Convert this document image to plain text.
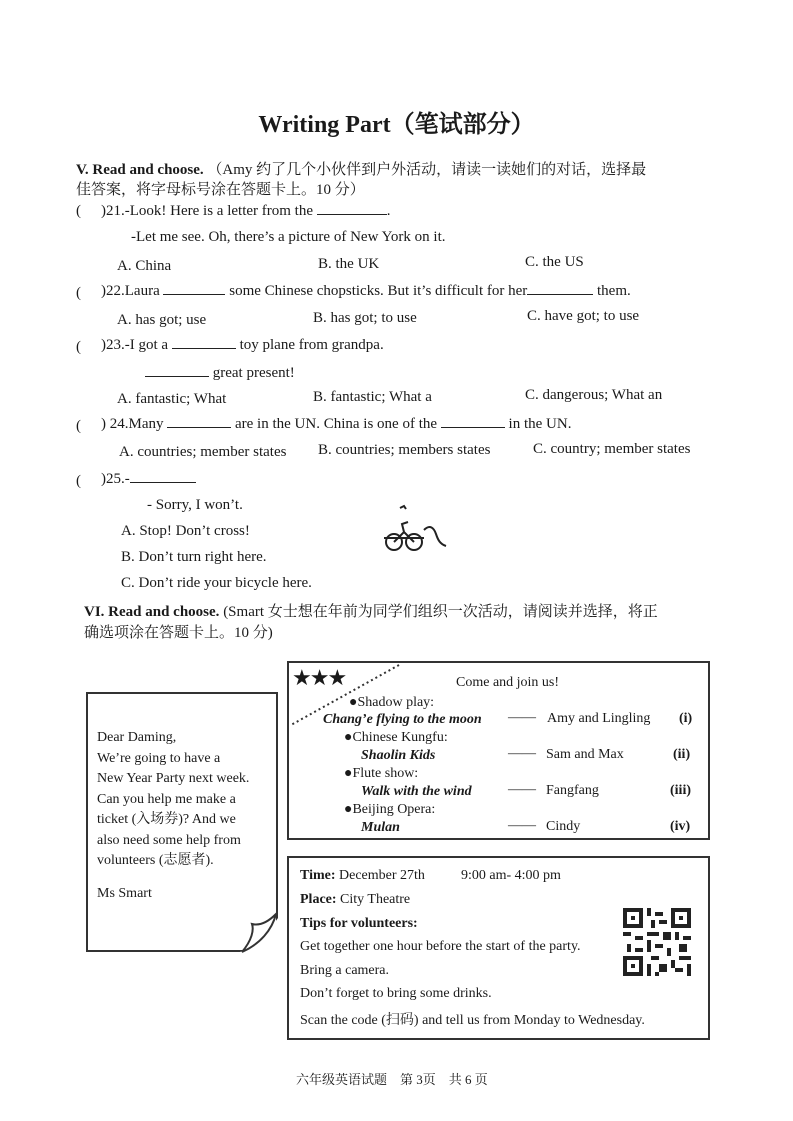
Writing Part（笔试部分）
V. Read and choose. （Amy 约了几个小伙伴到户外活动，请读一读她们的对话，选择最
佳答案，将字母标号涂在答题卡上。10 分）
( )21.-Look! Here is a letter from the	.
-Let me see. Oh, there’s a picture of New York on it.
A. China	B. the UK	C. the US
( )22.Laura	some Chinese chopsticks. But it’s difficult for her	them.
A. has got; use	B. has got; to use	C. have got; to use
( )23.-I got a	toy plane from grandpa.
great present!
A. fantastic; What	B. fantastic; What a	C. dangerous; What an
( ) 24.Many	are in the UN. China is one of the	in the UN.
A. countries; member states B. countries; members states	C. country; member states
( )25.-
- Sorry, I won’t.
A. Stop! Don’t cross!
B. Don’t turn right here.
C. Don’t ride your bicycle here.
VI. Read and choose. (Smart 女士想在年前为同学们组织一次活动，请阅读并选择，将正
确选项涂在答题卡上。10 分)
Dear Daming,
We’re going to have a
New Year Party next week.
Can you help me make a
ticket (入场券)? And we
also need some help from
volunteers (志愿者).
Ms Smart
★★★	Come and join us!
●Shadow play:
Chang’e flying to the moon —— Amy and Lingling (i)
●Chinese Kungfu:
Shaolin Kids	—— Sam and Max	(ii)
●Flute show:
Walk with the wind	—— Fangfang	(iii)
●Beijing Opera:
Mulan	—— Cindy	(iv)
Time: December 27th	9:00 am- 4:00 pm
Place: City Theatre
Tips for volunteers:
Get together one hour before the start of the party.
Bring a camera.
Don’t forget to bring some drinks.
Scan the code (扫码) and tell us from Monday to Wednesday.
六年级英语试题 第 3页 共 6 页
